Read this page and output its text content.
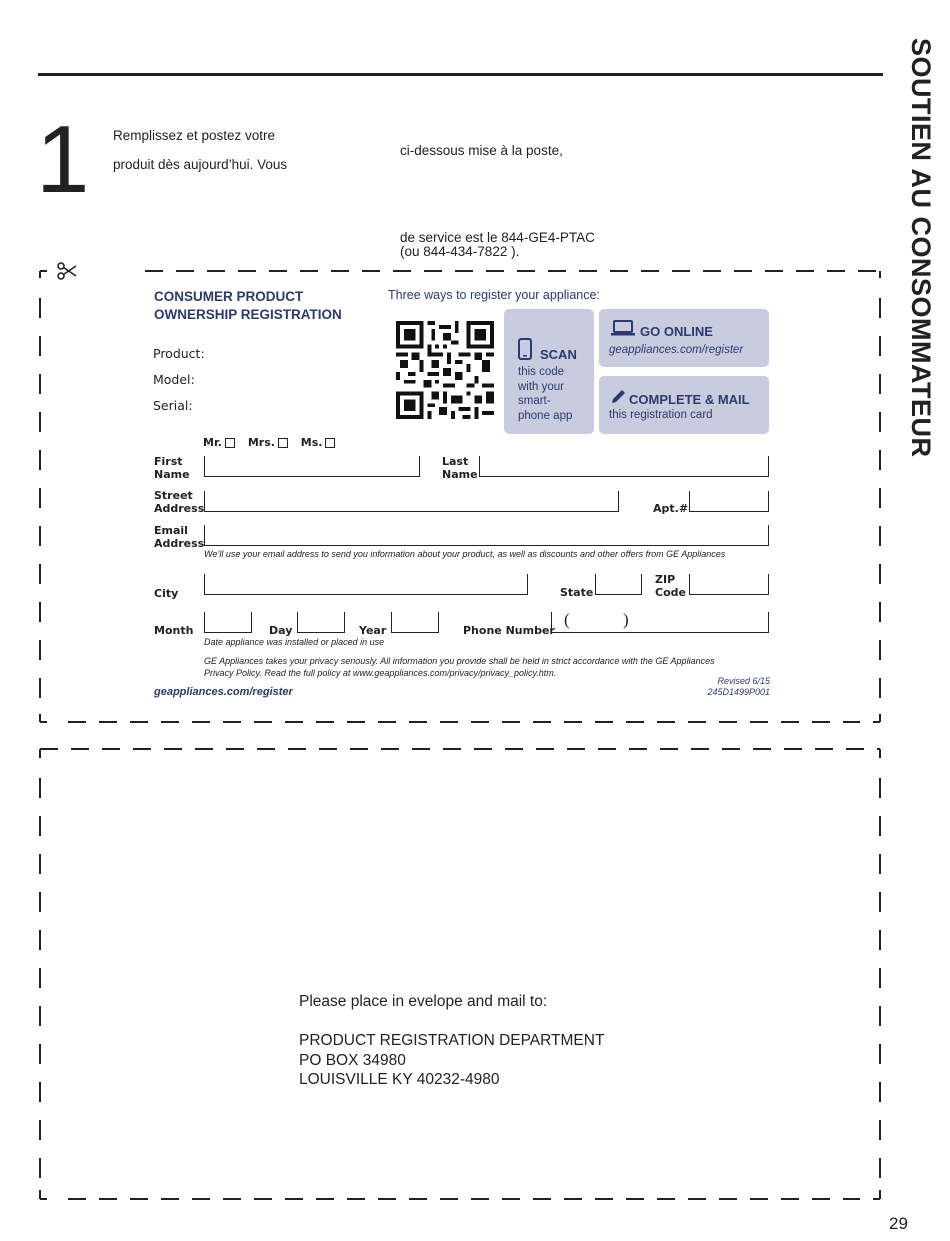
SOUTIEN AU CONSOMMATEUR
1 Remplissez et postez votre
produit dès aujourd’hui. Vous
ci-dessous mise à la poste,
de service est le 844-GE4-PTAC
(ou 844-434-7822 ).
CONSUMER PRODUCT
OWNERSHIP REGISTRATION
Three ways to register your appliance:
Product:
Model:
Serial:
SCAN
this code
with your
smart-
phone app
GO ONLINE
geappliances.com/register
COMPLETE & MAIL
this registration card
Mr. Mrs. Ms.
First
Name
Last
Name
Street
Address	Apt.#
Email
Address
We’ll use your email address to send you information about your product, as well as discounts and other offers from GE Appliances
City	State
ZIP
Code
Month	Day	Year	Phone Number
(	)
Date appliance was installed or placed in use
GE Appliances takes your privacy seriously. All information you provide shall be held in strict accordance with the GE Appliances
Privacy Policy. Read the full policy at www.geappliances.com/privacy/privacy_policy.htm.
Revised 6/15
245D1499P001
geappliances.com/register
Please place in evelope and mail to:
PRODUCT REGISTRATION DEPARTMENT
PO BOX 34980
LOUISVILLE KY 40232-4980
29
